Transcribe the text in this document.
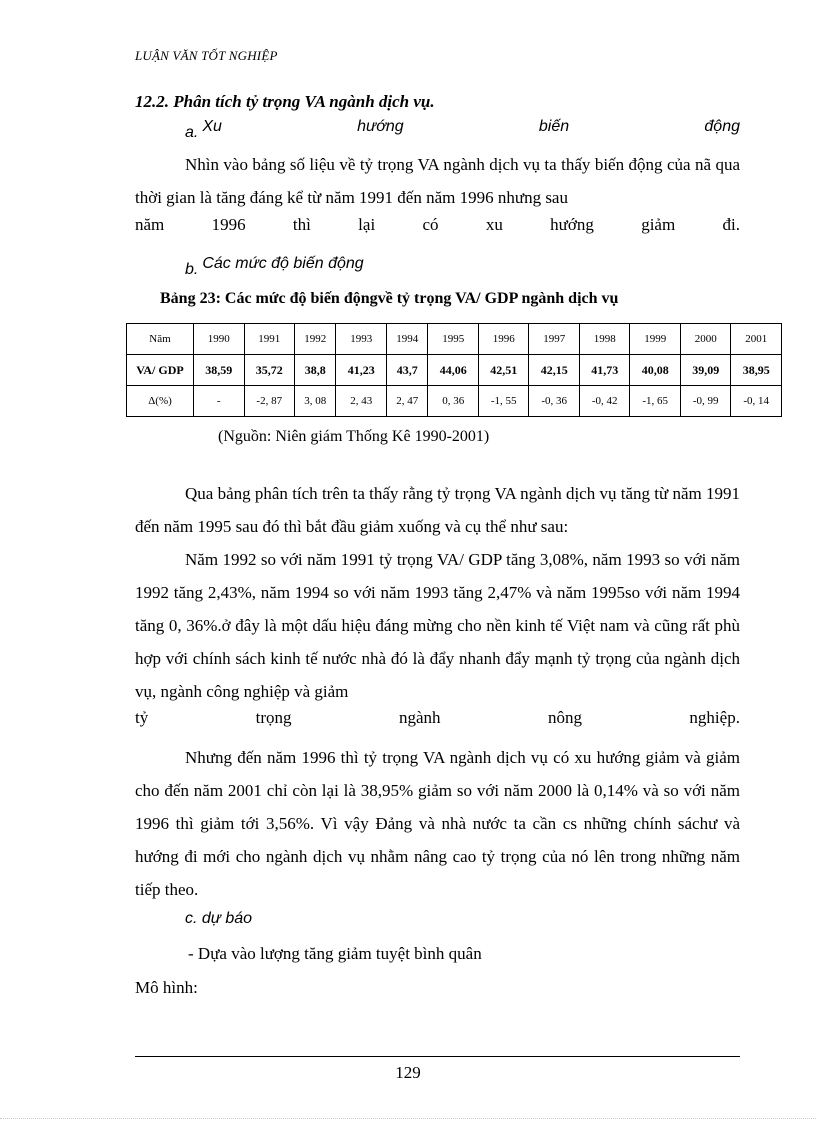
LUẬN VĂN TỐT NGHIỆP
12.2. Phân tích tỷ trọng VA ngành dịch vụ.
a. Xu	hướng	biến	động
Nhìn vào bảng số liệu về tỷ trọng VA ngành dịch vụ ta thấy biến động của nã qua thời gian là tăng đáng kể từ năm 1991 đến năm 1996 nhưng sau
năm	1996	thì	lại	có	xu	hướng	giảm	đi.
b. Các mức độ biến động
Bảng 23: Các mức độ biến độngvề tỷ trọng VA/ GDP ngành dịch vụ
Năm	1990	1991	1992	1993	1994	1995	1996	1997	1998	1999	2000	2001
VA/ GDP	38,59	35,72	38,8	41,23	43,7	44,06	42,51	42,15	41,73	40,08	39,09	38,95
Δ(%)	-	-2, 87	3, 08	2, 43	2, 47	0, 36	-1, 55	-0, 36	-0, 42	-1, 65	-0, 99	-0, 14
(Nguồn: Niên giám Thống Kê 1990-2001)
Qua bảng phân tích trên ta thấy rằng tỷ trọng VA ngành dịch vụ tăng từ năm 1991 đến năm 1995 sau đó thì bắt đầu giảm xuống và cụ thể như sau:
Năm 1992 so với năm 1991 tỷ trọng VA/ GDP tăng 3,08%, năm 1993 so với năm 1992 tăng 2,43%, năm 1994 so với năm 1993 tăng 2,47% và năm 1995so với năm 1994 tăng 0, 36%.ở đây là một dấu hiệu đáng mừng cho nền kinh tế Việt nam và cũng rất phù hợp với chính sách kinh tế nước nhà đó là đẩy nhanh đẩy mạnh tỷ trọng của ngành dịch vụ, ngành công nghiệp và giảm
tỷ	trọng	ngành	nông	nghiệp.
Nhưng đến năm 1996 thì tỷ trọng VA ngành dịch vụ có xu hướng giảm và giảm cho đến năm 2001 chỉ còn lại là 38,95% giảm so với năm 2000 là 0,14% và so với năm 1996 thì giảm tới 3,56%. Vì vậy Đảng và nhà nước ta cần cs những chính sáchư và hướng đi mới cho ngành dịch vụ nhằm nâng cao tỷ trọng của nó lên trong những năm tiếp theo.
c. dự báo
- Dựa vào lượng tăng giảm tuyệt bình quân
Mô hình:
129
